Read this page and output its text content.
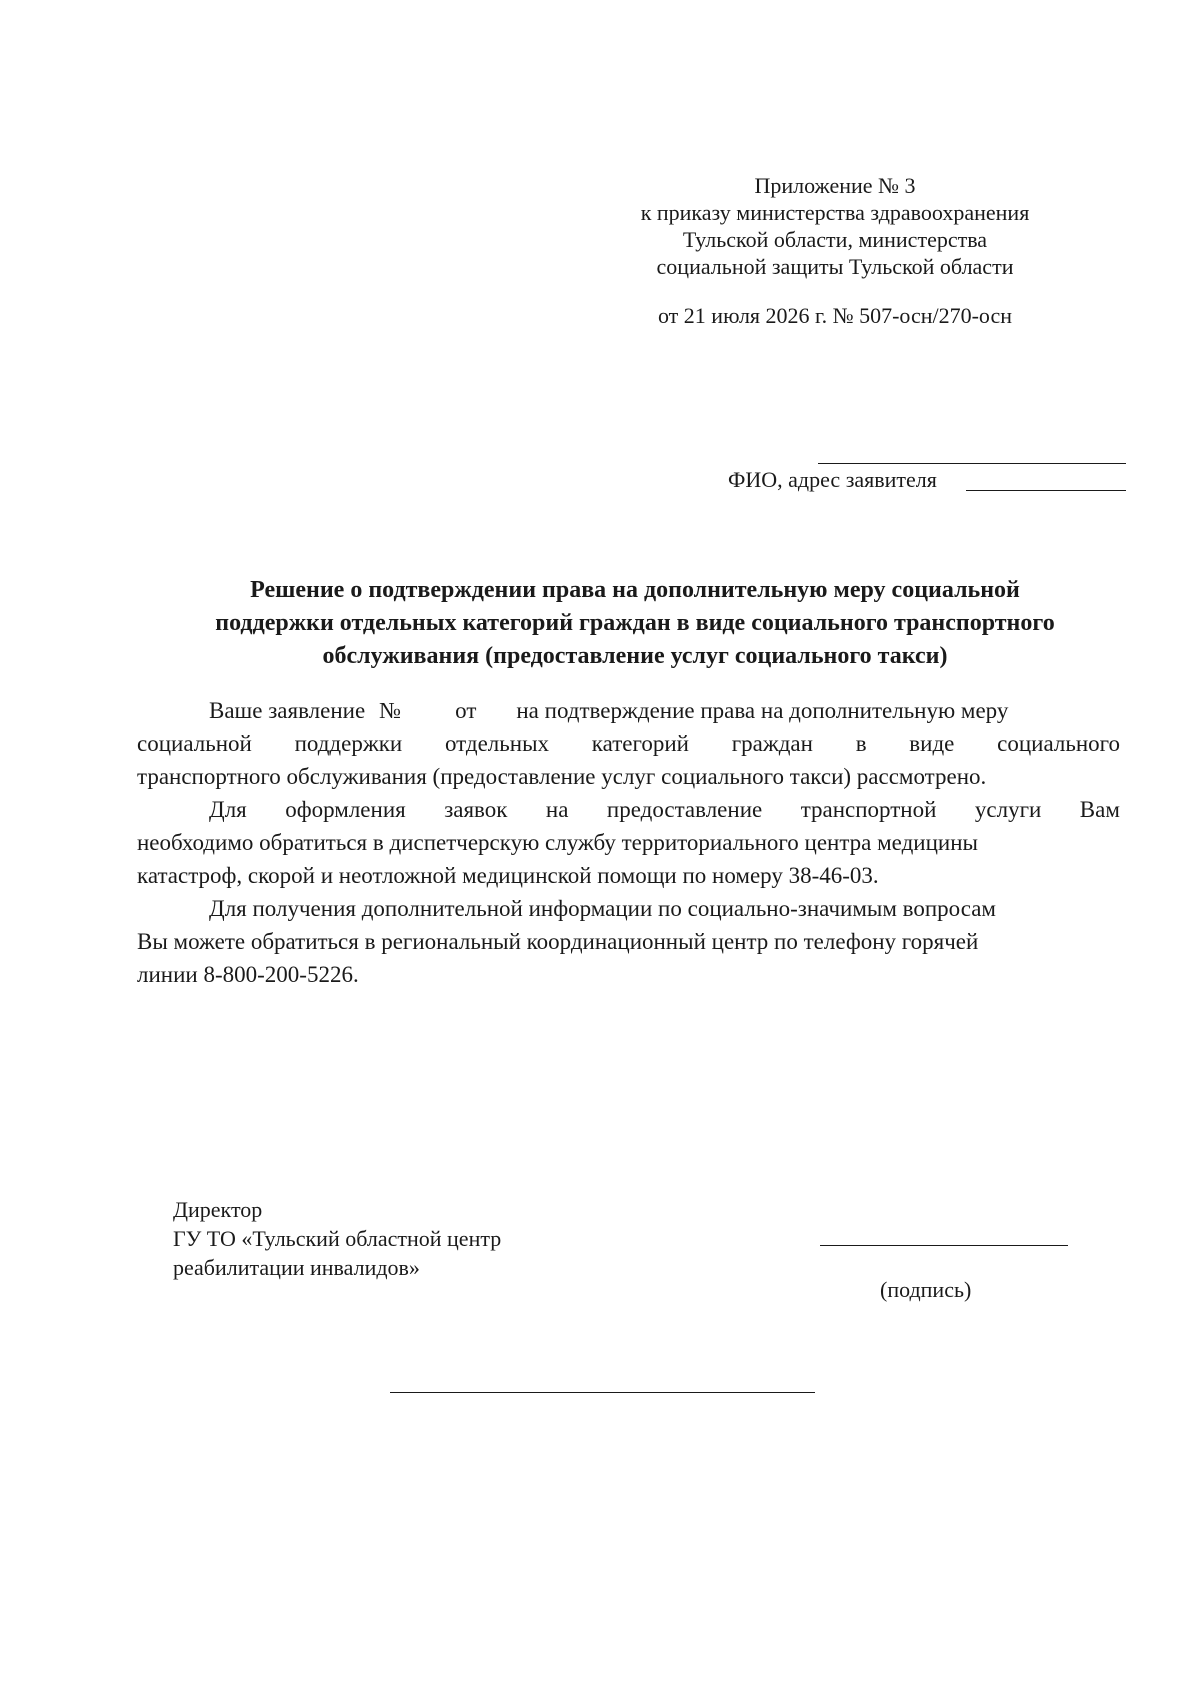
Приложение № 3
к приказу министерства здравоохранения
Тульской области, министерства
социальной защиты Тульской области
от 21 июля 2026 г. № 507-осн/270-осн
ФИО, адрес заявителя
Решение о подтверждении права на дополнительную меру социальной
поддержки отдельных категорий граждан в виде социального транспортного
обслуживания (предоставление услуг социального такси)
Ваше заявление № от на подтверждение права на дополнительную меру
социальной поддержки отдельных категорий граждан в виде социального
транспортного обслуживания (предоставление услуг социального такси) рассмотрено.
Для оформления заявок на предоставление транспортной услуги Вам
необходимо обратиться в диспетчерскую службу территориального центра медицины
катастроф, скорой и неотложной медицинской помощи по номеру 38-46-03.
Для получения дополнительной информации по социально-значимым вопросам
Вы можете обратиться в региональный координационный центр по телефону горячей
линии 8-800-200-5226.
Директор
ГУ ТО «Тульский областной центр
реабилитации инвалидов»
(подпись)
